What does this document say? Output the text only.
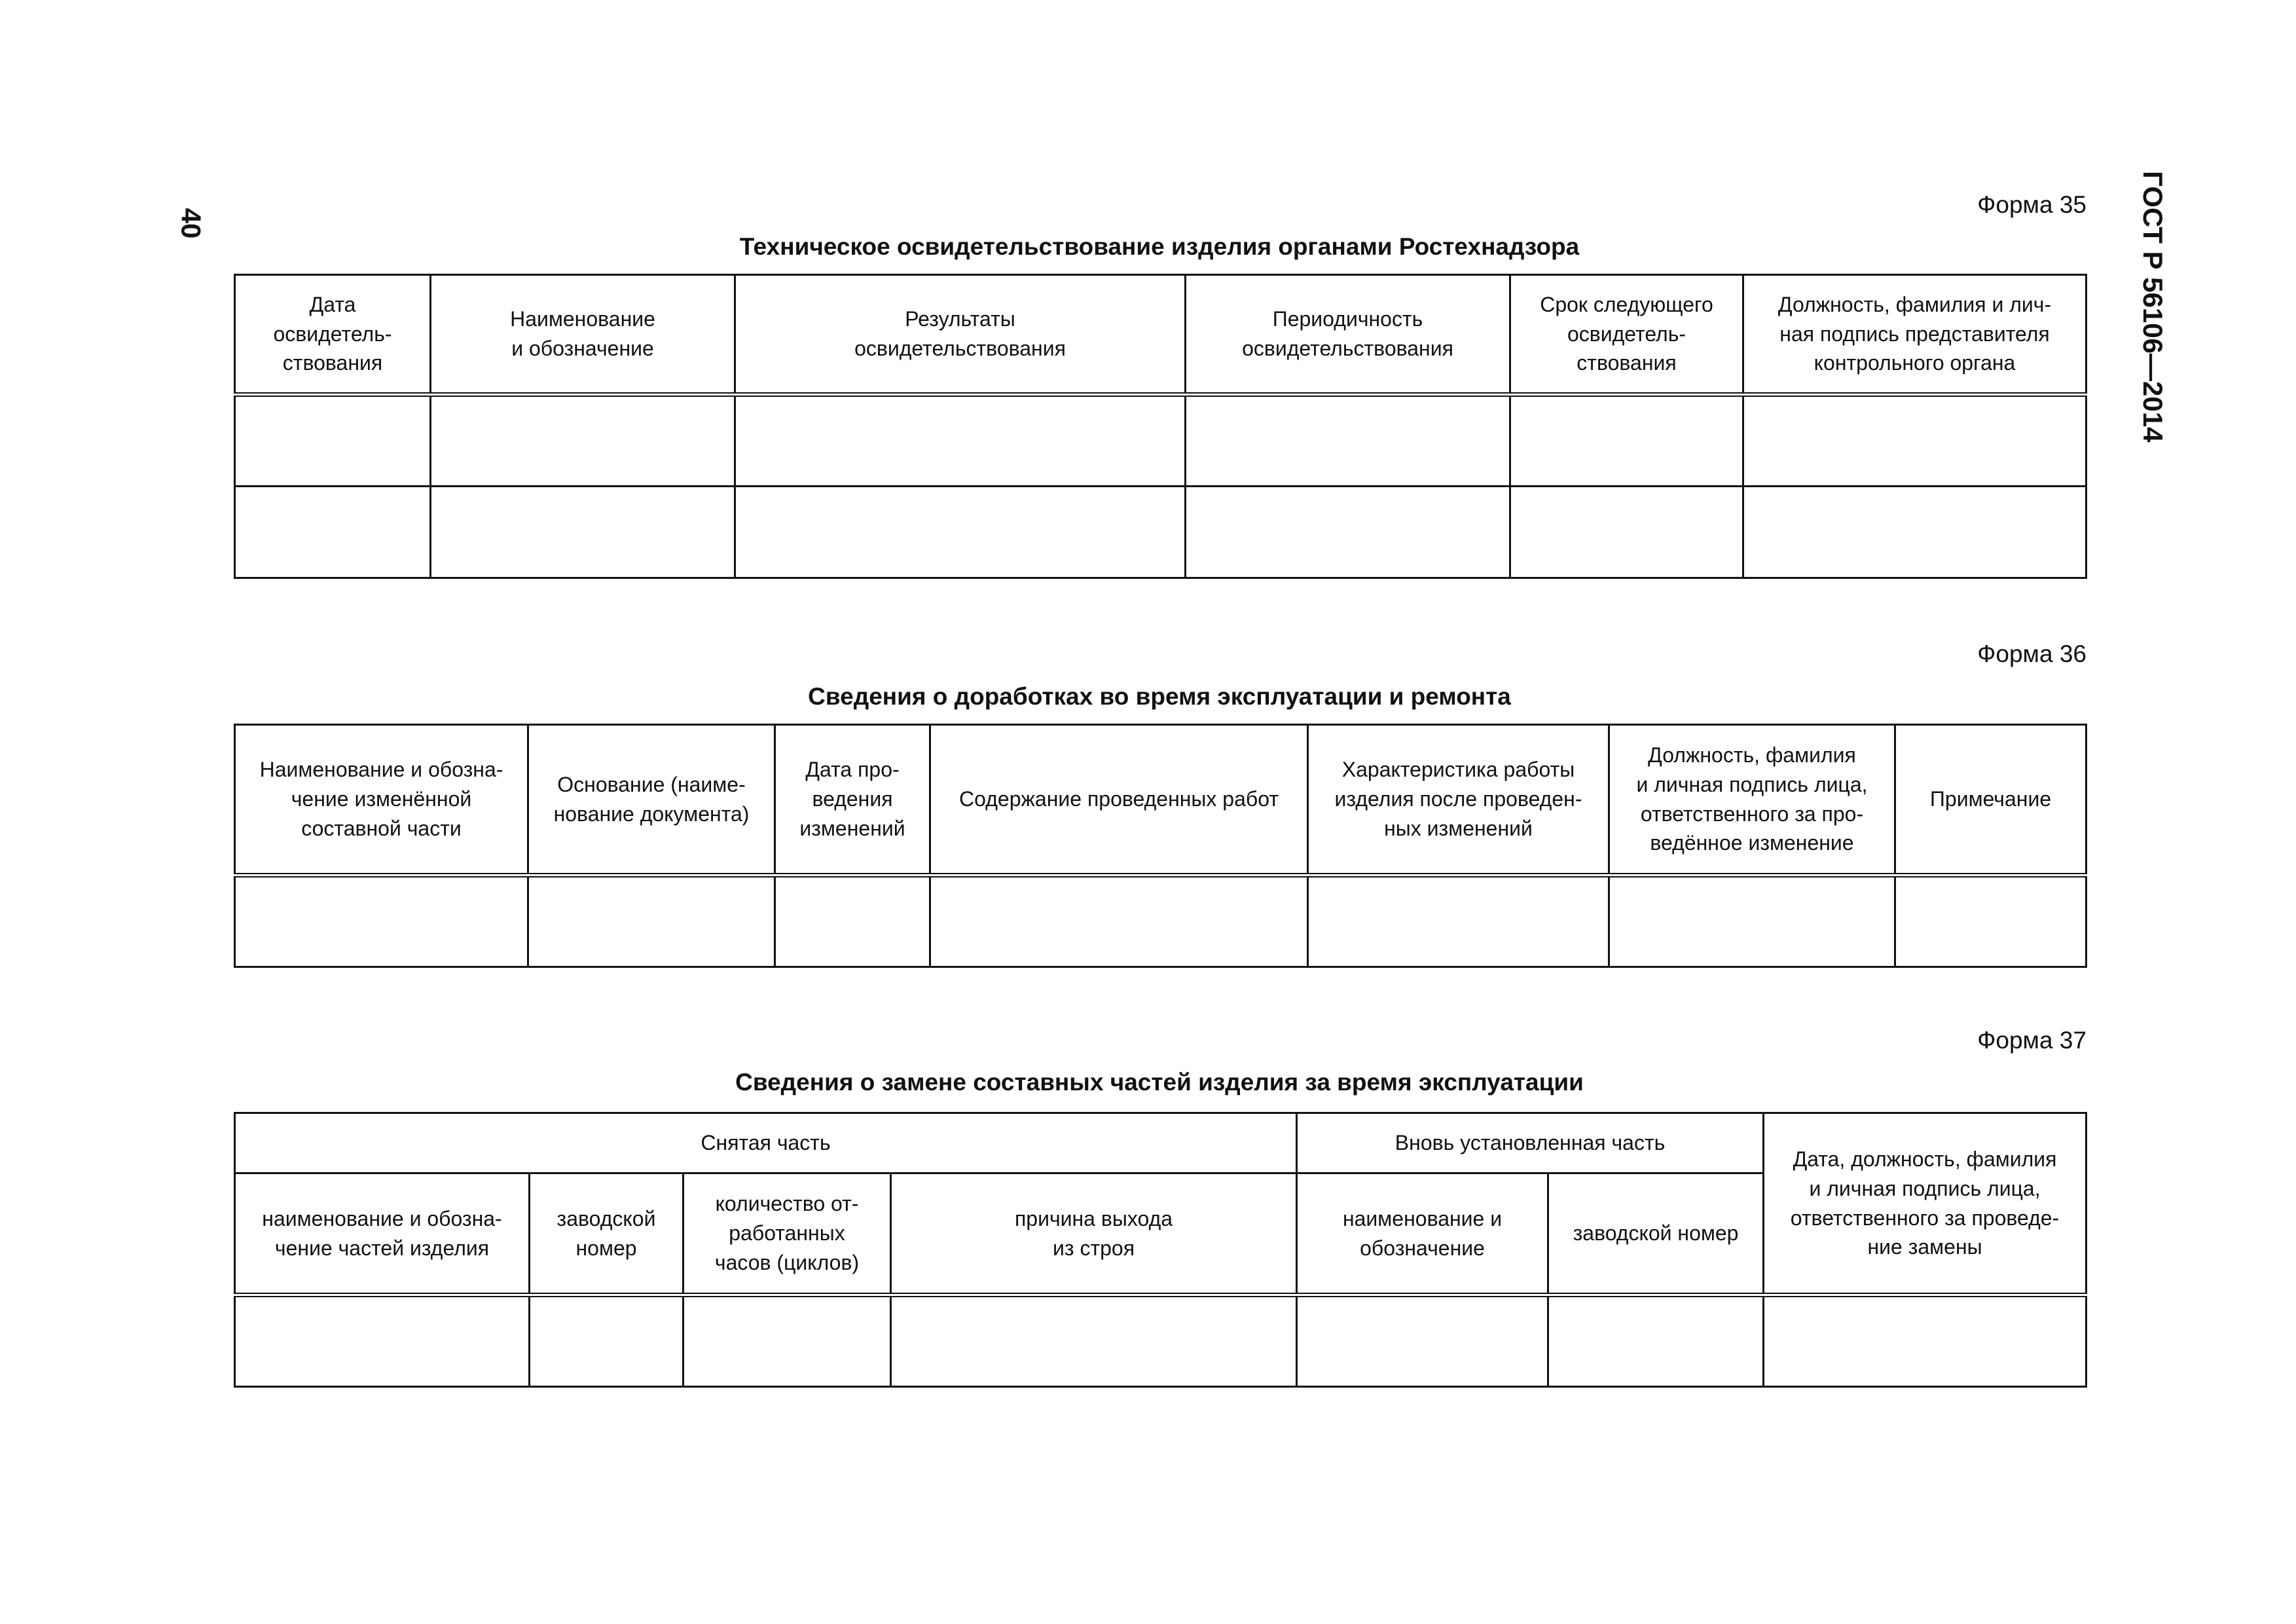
40	ГОСТ Р 56106—2014
Форма 35
Техническое освидетельствование изделия органами Ростехнадзора
Дата
освидетель-
ствования	Наименование
и обозначение	Результаты
освидетельствования	Периодичность
освидетельствования	Срок следующего
освидетель-
ствования	Должность, фамилия и лич-
ная подпись представителя
контрольного органа

Форма 36
Сведения о доработках во время эксплуатации и ремонта
Наименование и обозна-
чение изменённой
составной части	Основание (наиме-
нование документа)	Дата про-
ведения
изменений	Содержание проведенных работ	Характеристика работы
изделия после проведен-
ных изменений	Должность, фамилия
и личная подпись лица,
ответственного за про-
ведённое изменение	Примечание

Форма 37
Сведения о замене составных частей изделия за время эксплуатации
Снятая часть				Вновь установленная часть		Дата, должность, фамилия
и личная подпись лица,
ответственного за проведе-
ние замены
наименование и обозна-
чение частей изделия	заводской
номер	количество от-
работанных
часов (циклов)	причина выхода
из строя	наименование и
обозначение	заводской номер	
